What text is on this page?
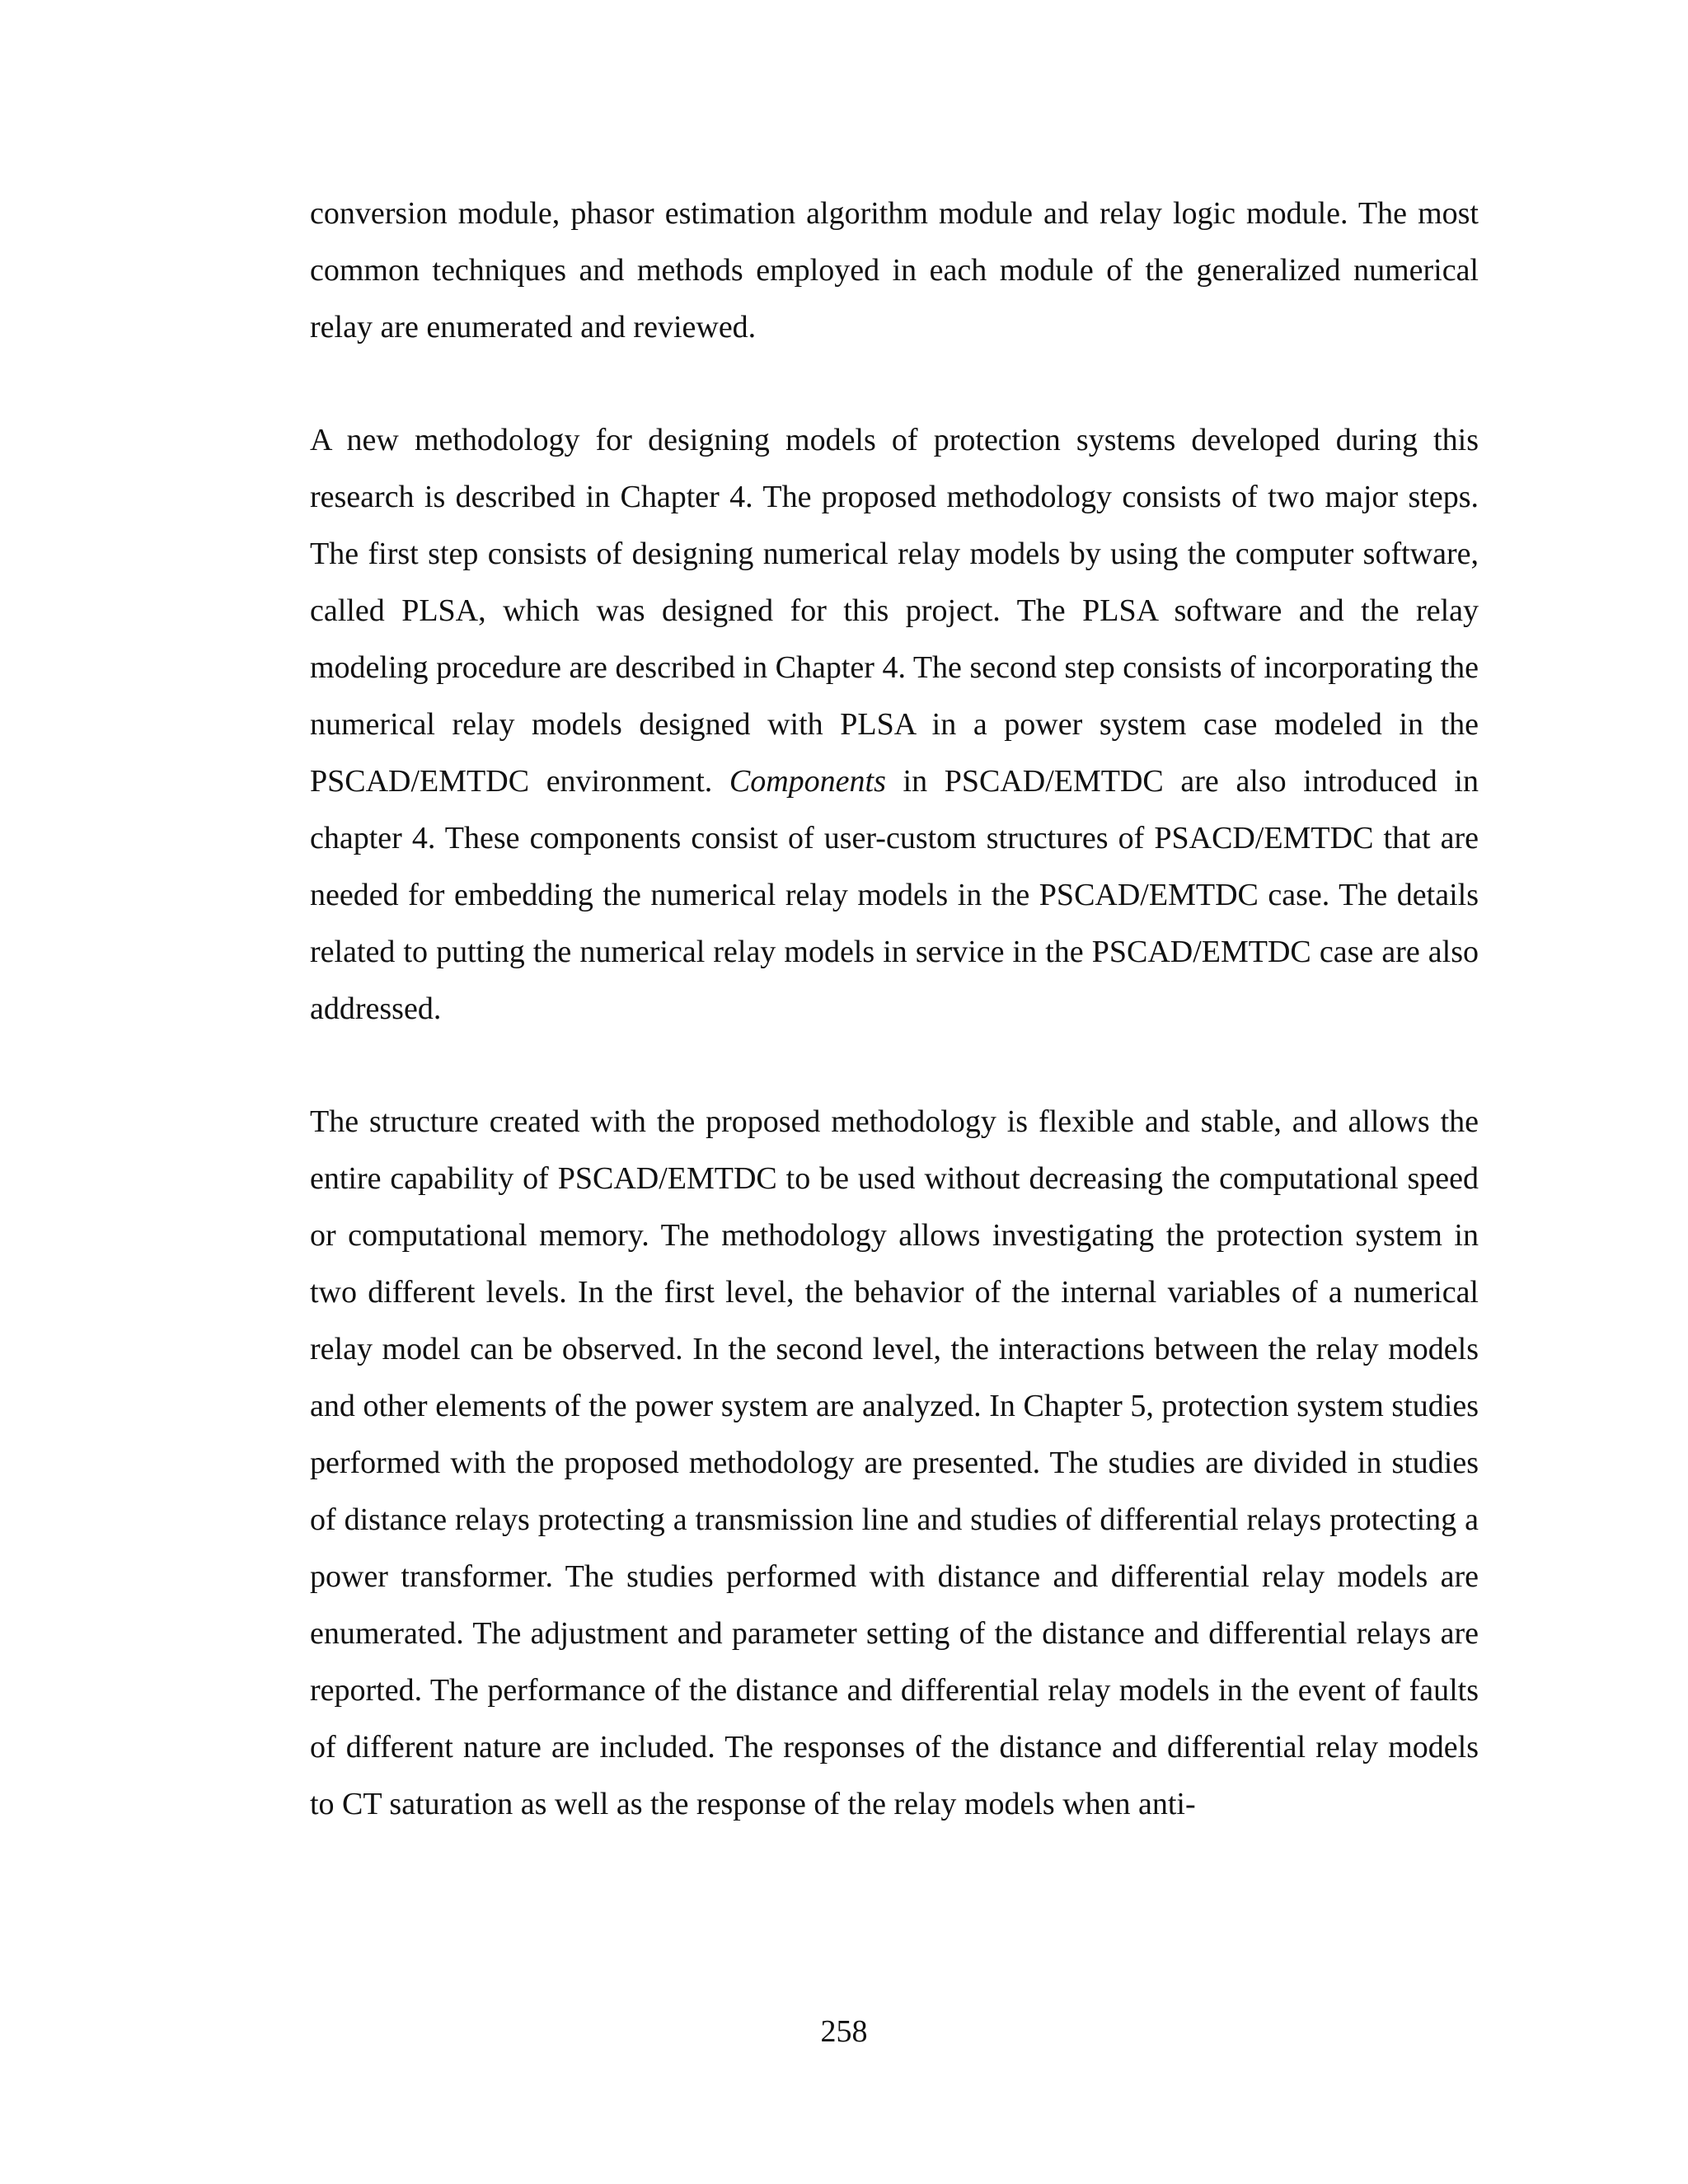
conversion module, phasor estimation algorithm module and relay logic module. The most common techniques and methods employed in each module of the generalized numerical relay are enumerated and reviewed.

A new methodology for designing models of protection systems developed during this research is described in Chapter 4. The proposed methodology consists of two major steps. The first step consists of designing numerical relay models by using the computer software, called PLSA, which was designed for this project. The PLSA software and the relay modeling procedure are described in Chapter 4. The second step consists of incorporating the numerical relay models designed with PLSA in a power system case modeled in the PSCAD/EMTDC environment. Components in PSCAD/EMTDC are also introduced in chapter 4. These components consist of user-custom structures of PSACD/EMTDC that are needed for embedding the numerical relay models in the PSCAD/EMTDC case. The details related to putting the numerical relay models in service in the PSCAD/EMTDC case are also addressed.

The structure created with the proposed methodology is flexible and stable, and allows the entire capability of PSCAD/EMTDC to be used without decreasing the computational speed or computational memory. The methodology allows investigating the protection system in two different levels. In the first level, the behavior of the internal variables of a numerical relay model can be observed. In the second level, the interactions between the relay models and other elements of the power system are analyzed. In Chapter 5, protection system studies performed with the proposed methodology are presented. The studies are divided in studies of distance relays protecting a transmission line and studies of differential relays protecting a power transformer. The studies performed with distance and differential relay models are enumerated. The adjustment and parameter setting of the distance and differential relays are reported. The performance of the distance and differential relay models in the event of faults of different nature are included. The responses of the distance and differential relay models to CT saturation as well as the response of the relay models when anti-

258
